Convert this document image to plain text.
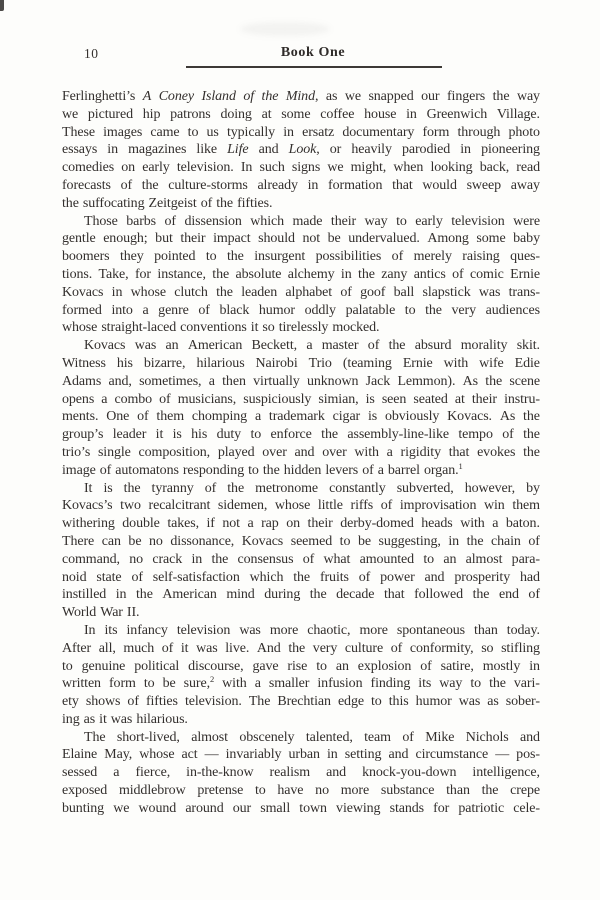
10	Book One
Ferlinghetti’s A Coney Island of the Mind, as we snapped our fingers the way
we pictured hip patrons doing at some coffee house in Greenwich Village.
These images came to us typically in ersatz documentary form through photo
essays in magazines like Life and Look, or heavily parodied in pioneering
comedies on early television. In such signs we might, when looking back, read
forecasts of the culture-storms already in formation that would sweep away
the suffocating Zeitgeist of the fifties.
Those barbs of dissension which made their way to early television were
gentle enough; but their impact should not be undervalued. Among some baby
boomers they pointed to the insurgent possibilities of merely raising ques-
tions. Take, for instance, the absolute alchemy in the zany antics of comic Ernie
Kovacs in whose clutch the leaden alphabet of goof ball slapstick was trans-
formed into a genre of black humor oddly palatable to the very audiences
whose straight-laced conventions it so tirelessly mocked.
Kovacs was an American Beckett, a master of the absurd morality skit.
Witness his bizarre, hilarious Nairobi Trio (teaming Ernie with wife Edie
Adams and, sometimes, a then virtually unknown Jack Lemmon). As the scene
opens a combo of musicians, suspiciously simian, is seen seated at their instru-
ments. One of them chomping a trademark cigar is obviously Kovacs. As the
group’s leader it is his duty to enforce the assembly-line-like tempo of the
trio’s single composition, played over and over with a rigidity that evokes the
image of automatons responding to the hidden levers of a barrel organ.$^1$
It is the tyranny of the metronome constantly subverted, however, by
Kovacs’s two recalcitrant sidemen, whose little riffs of improvisation win them
withering double takes, if not a rap on their derby-domed heads with a baton.
There can be no dissonance, Kovacs seemed to be suggesting, in the chain of
command, no crack in the consensus of what amounted to an almost para-
noid state of self-satisfaction which the fruits of power and prosperity had
instilled in the American mind during the decade that followed the end of
World War II.
In its infancy television was more chaotic, more spontaneous than today.
After all, much of it was live. And the very culture of conformity, so stifling
to genuine political discourse, gave rise to an explosion of satire, mostly in
written form to be sure,$^2$ with a smaller infusion finding its way to the vari-
ety shows of fifties television. The Brechtian edge to this humor was as sober-
ing as it was hilarious.
The short-lived, almost obscenely talented, team of Mike Nichols and
Elaine May, whose act — invariably urban in setting and circumstance — pos-
sessed a fierce, in-the-know realism and knock-you-down intelligence,
exposed middlebrow pretense to have no more substance than the crepe
bunting we wound around our small town viewing stands for patriotic cele-
